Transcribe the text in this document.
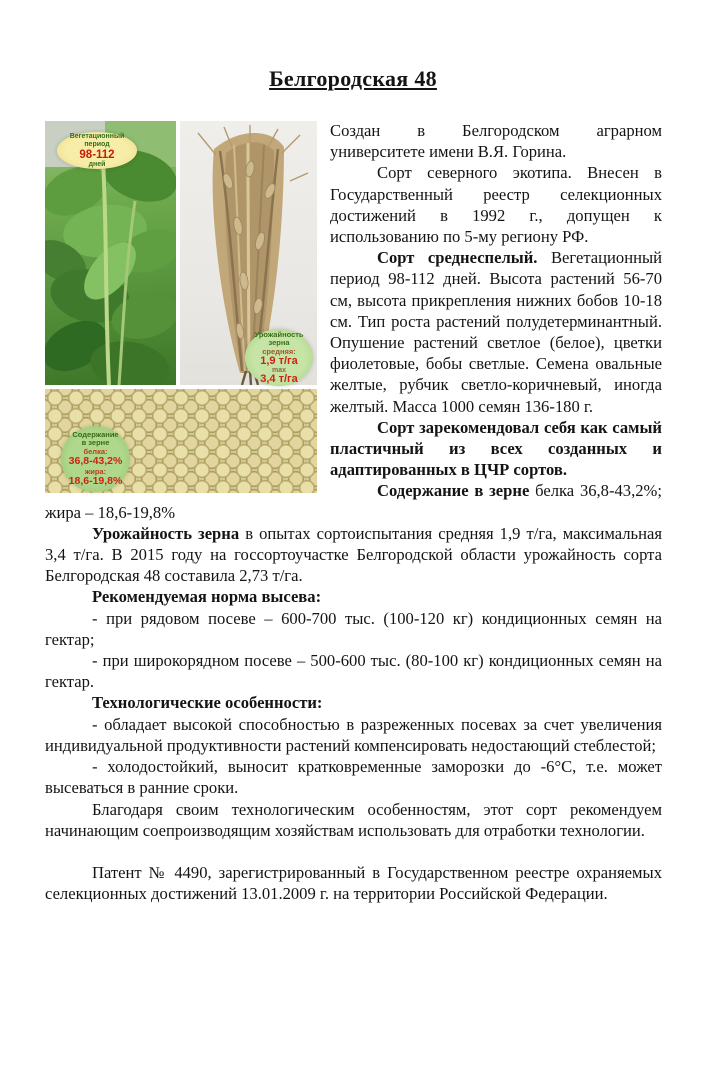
Белгородская 48
Вегетационный
период
98-112
дней
Урожайность
зерна
средняя:
1,9 т/га
max
3,4 т/га
Содержание
в зерне
белка:
36,8-43,2%
жира:
18,6-19,8%

Создан в Белгородском аграрном университете имени В.Я. Горина.

Сорт северного экотипа. Внесен в Государственный реестр селекционных достижений в 1992 г., допущен к использованию по 5-му региону РФ.

Сорт среднеспелый. Вегетационный период 98-112 дней. Высота растений 56-70 см, высота прикрепления нижних бобов 10-18 см. Тип роста растений полудетерминантный. Опушение растений светлое (белое), цветки фиолетовые, бобы светлые. Семена овальные желтые, рубчик светло-коричневый, иногда желтый. Масса 1000 семян 136-180 г.

Сорт зарекомендовал себя как самый пластичный из всех созданных и адаптированных в ЦЧР сортов.

Содержание в зерне белка 36,8-43,2%; жира – 18,6-19,8%

Урожайность зерна в опытах сортоиспытания средняя 1,9 т/га, максимальная 3,4 т/га. В 2015 году на госсортоучастке Белгородской области урожайность сорта Белгородская 48 составила 2,73 т/га.

Рекомендуемая норма высева:

- при рядовом посеве – 600-700 тыс. (100-120 кг) кондиционных семян на гектар;

- при широкорядном посеве – 500-600 тыс. (80-100 кг) кондиционных семян на гектар.

Технологические особенности:

- обладает высокой способностью в разреженных посевах за счет увеличения индивидуальной продуктивности растений компенсировать недостающий стеблестой;

- холодостойкий, выносит кратковременные заморозки до -6°С, т.е. может высеваться в ранние сроки.

Благодаря своим технологическим особенностям, этот сорт рекомендуем начинающим соепроизводящим хозяйствам использовать для отработки технологии.

Патент № 4490, зарегистрированный в Государственном реестре охраняемых селекционных достижений 13.01.2009 г. на территории Российской Федерации.
